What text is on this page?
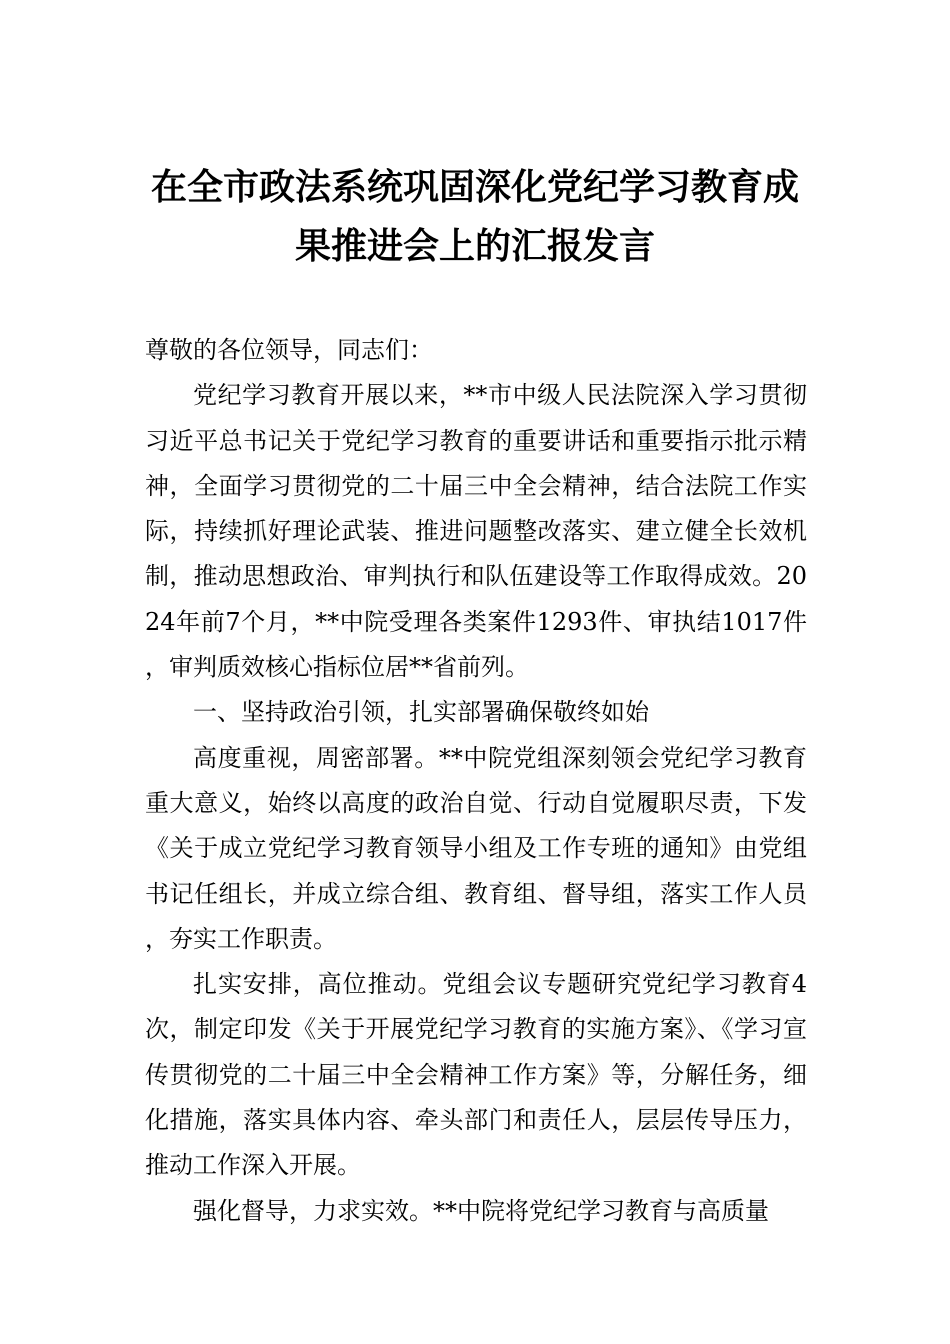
在全市政法系统巩固深化党纪学习教育成果推进会上的汇报发言

尊敬的各位领导，同志们：

党纪学习教育开展以来，**市中级人民法院深入学习贯彻习近平总书记关于党纪学习教育的重要讲话和重要指示批示精神，全面学习贯彻党的二十届三中全会精神，结合法院工作实际，持续抓好理论武装、推进问题整改落实、建立健全长效机制，推动思想政治、审判执行和队伍建设等工作取得成效。2024年前7个月，**中院受理各类案件1293件、审执结1017件，审判质效核心指标位居**省前列。

一、坚持政治引领，扎实部署确保敬终如始

高度重视，周密部署。**中院党组深刻领会党纪学习教育重大意义，始终以高度的政治自觉、行动自觉履职尽责，下发《关于成立党纪学习教育领导小组及工作专班的通知》由党组书记任组长，并成立综合组、教育组、督导组，落实工作人员，夯实工作职责。

扎实安排，高位推动。党组会议专题研究党纪学习教育4次，制定印发《关于开展党纪学习教育的实施方案》、《学习宣传贯彻党的二十届三中全会精神工作方案》等，分解任务，细化措施，落实具体内容、牵头部门和责任人，层层传导压力，推动工作深入开展。

强化督导，力求实效。**中院将党纪学习教育与高质量
